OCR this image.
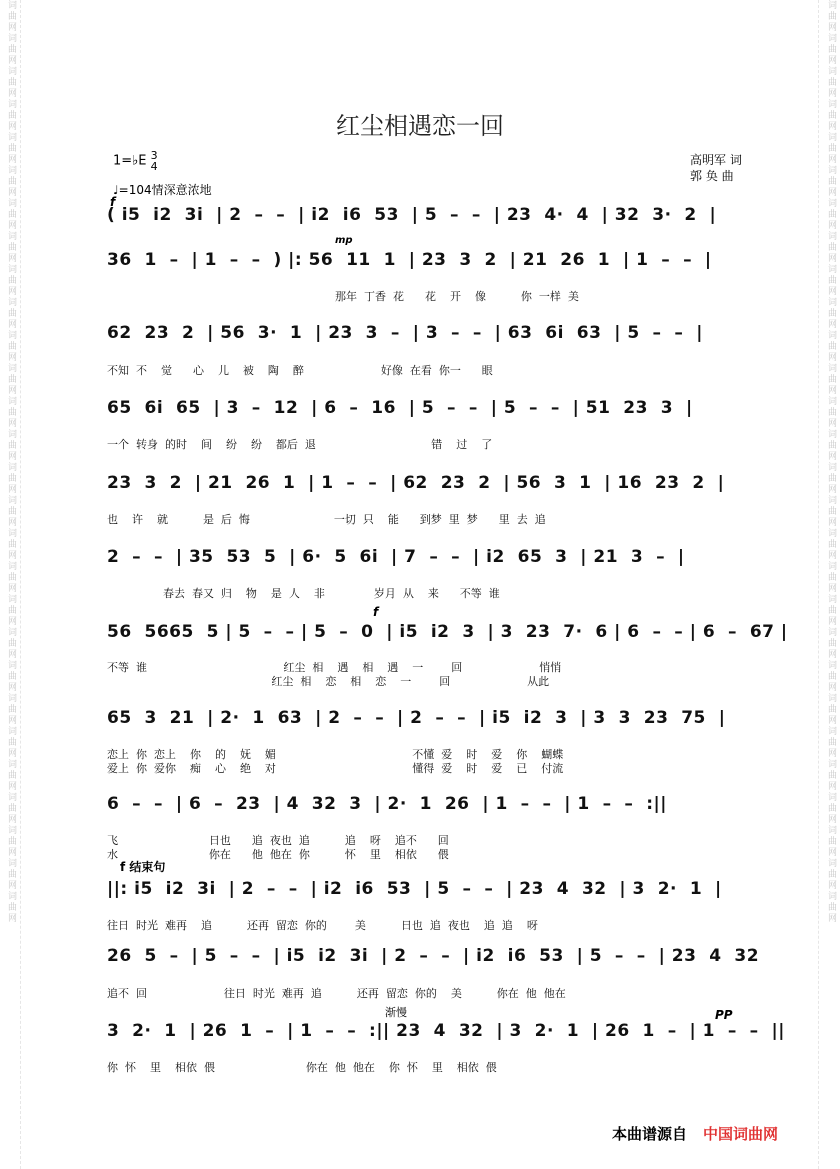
词曲网词曲网词曲网词曲网词曲网词曲网词曲网词曲网词曲网词曲网词曲网词曲网词曲网词曲网词曲网词曲网词曲网词曲网词曲网词曲网词曲网词曲网词曲网词曲网词曲网词曲网词曲网词曲网	词曲网词曲网词曲网词曲网词曲网词曲网词曲网词曲网词曲网词曲网词曲网词曲网词曲网词曲网词曲网词曲网词曲网词曲网词曲网词曲网词曲网词曲网词曲网词曲网词曲网词曲网词曲网词曲网
红尘相遇恋一回
1=♭E 3
4
♩=104情深意浓地
高明军 词
郭 奂 曲
f
mp
f
f 结束句
渐慢	PP
( i5  i2  3i  | 2  –  –  | i2  i6  53  | 5  –  –  | 23  4·  4  | 32  3·  2  |
36  1  –  | 1  –  –  ) |: 56  11  1  | 23  3  2  | 21  26  1  | 1  –  –  |
那年  丁香  花      花    开    像          你  一样  美
62  23  2  | 56  3·  1  | 23  3  –  | 3  –  –  | 63  6i  63  | 5  –  –  |
不知  不    觉      心    儿    被    陶    醉                      好像  在看  你一      眼
65  6i  65  | 3  –  12  | 6  –  16  | 5  –  –  | 5  –  –  | 51  23  3  |
一个  转身  的时    间    纷    纷    都后  退                                 错    过    了
23  3  2  | 21  26  1  | 1  –  –  | 62  23  2  | 56  3  1  | 16  23  2  |
也    许    就          是  后  悔                        一切  只    能      到梦  里  梦      里  去  追
2  –  –  | 35  53  5  | 6·  5  6i  | 7  –  –  | i2  65  3  | 21  3  –  |
春去  春又  归    物    是  人    非              岁月  从    来      不等  谁
56  5665  5 | 5  –  – | 5  –  0  | i5  i2  3  | 3  23  7·  6 | 6  –  – | 6  –  67 |
不等  谁                                       红尘  相    遇    相    遇    一        回                      悄悄
红尘  相    恋    相    恋    一        回                      从此
65  3  21  | 2·  1  63  | 2  –  –  | 2  –  –  | i5  i2  3  | 3  3  23  75  |
恋上  你  恋上    你    的    妩    媚                                       不懂  爱    时    爱    你    蝴蝶
爱上  你  爱你    痴    心    绝    对                                       懂得  爱    时    爱    已    付流
6  –  –  | 6  –  23  | 4  32  3  | 2·  1  26  | 1  –  –  | 1  –  –  :||
飞                          日也      追  夜也  追          追    呀    追不      回
水                          你在      他  他在  你          怀    里    相依      偎
||: i5  i2  3i  | 2  –  –  | i2  i6  53  | 5  –  –  | 23  4  32  | 3  2·  1  |
往日  时光  难再    追          还再  留恋  你的        美          日也  追  夜也    追  追    呀
26  5  –  | 5  –  –  | i5  i2  3i  | 2  –  –  | i2  i6  53  | 5  –  –  | 23  4  32
追不  回                      往日  时光  难再  追          还再  留恋  你的    美          你在  他  他在
3  2·  1  | 26  1  –  | 1  –  –  :|| 23  4  32  | 3  2·  1  | 26  1  –  | 1  –  –  ||
你  怀    里    相依  偎                          你在  他  他在    你  怀    里    相依  偎
本曲谱源自 中国词曲网
